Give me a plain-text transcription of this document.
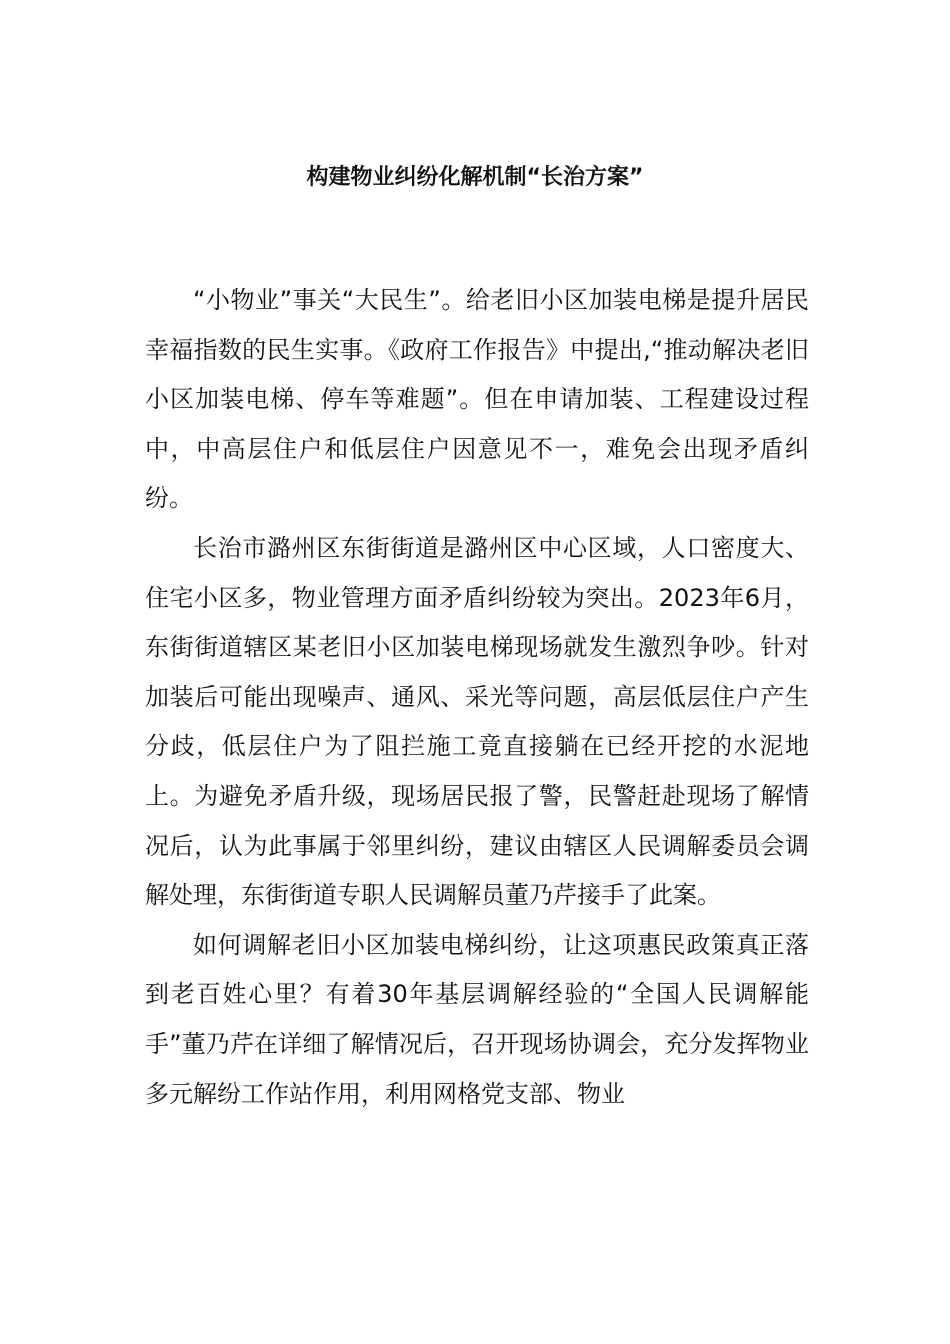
构建物业纠纷化解机制“长治方案”

“小物业”事关“大民生”。给老旧小区加装电梯是提升居民幸福指数的民生实事。《政府工作报告》中提出,“推动解决老旧小区加装电梯、停车等难题”。但在申请加装、工程建设过程中，中高层住户和低层住户因意见不一，难免会出现矛盾纠纷。

长治市潞州区东街街道是潞州区中心区域，人口密度大、住宅小区多，物业管理方面矛盾纠纷较为突出。2023年6月，东街街道辖区某老旧小区加装电梯现场就发生激烈争吵。针对加装后可能出现噪声、通风、采光等问题，高层低层住户产生分歧，低层住户为了阻拦施工竟直接躺在已经开挖的水泥地上。为避免矛盾升级，现场居民报了警，民警赶赴现场了解情况后，认为此事属于邻里纠纷，建议由辖区人民调解委员会调解处理，东街街道专职人民调解员董乃芹接手了此案。

如何调解老旧小区加装电梯纠纷，让这项惠民政策真正落到老百姓心里？有着30年基层调解经验的“全国人民调解能手”董乃芹在详细了解情况后，召开现场协调会，充分发挥物业多元解纷工作站作用，利用网格党支部、物业
